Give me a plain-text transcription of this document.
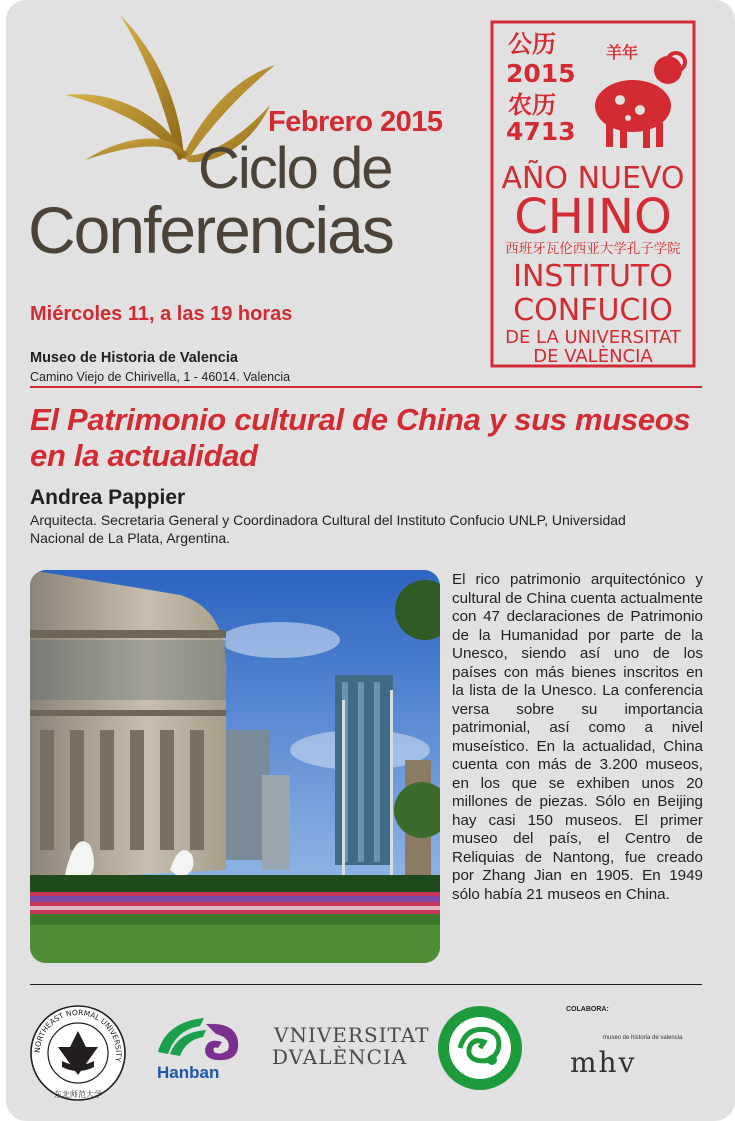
Febrero 2015
Ciclo de
Conferencias
Miércoles 11, a las 19 horas
Museo de Historia de Valencia
Camino Viejo de Chirivella, 1 - 46014. Valencia
公历
2015
农历
4713
羊年
AÑO NUEVO
CHINO
西班牙瓦伦西亚大学孔子学院
INSTITUTO
CONFUCIO
DE LA UNIVERSITAT
DE VALÈNCIA
El Patrimonio cultural de China y sus museos en la actualidad
Andrea Pappier
Arquitecta. Secretaria General y Coordinadora Cultural del Instituto Confucio UNLP, Universidad Nacional de La Plata, Argentina.
El rico patrimonio arquitectónico y cultural de China cuenta actualmente con 47 declaraciones de Patrimonio de la Humanidad por parte de la Unesco, siendo así uno de los países con más bienes inscritos en la lista de la Unesco. La conferencia versa sobre su importancia patrimonial, así como a nivel museístico. En la actualidad, China cuenta con más de 3.200 museos, en los que se exhiben unos 20 millones de piezas. Sólo en Beijing hay casi 150 museos. El primer museo del país, el Centro de Reliquias de Nantong, fue creado por Zhang Jian en 1905. En 1949 sólo había 21 museos en China.
NORTHEAST NORMAL UNIVERSITY
东北师范大学
Hanban
VNIVERSITAT
DVALÈNCIA
COLABORA:
museo de historia de valencia
mhv
